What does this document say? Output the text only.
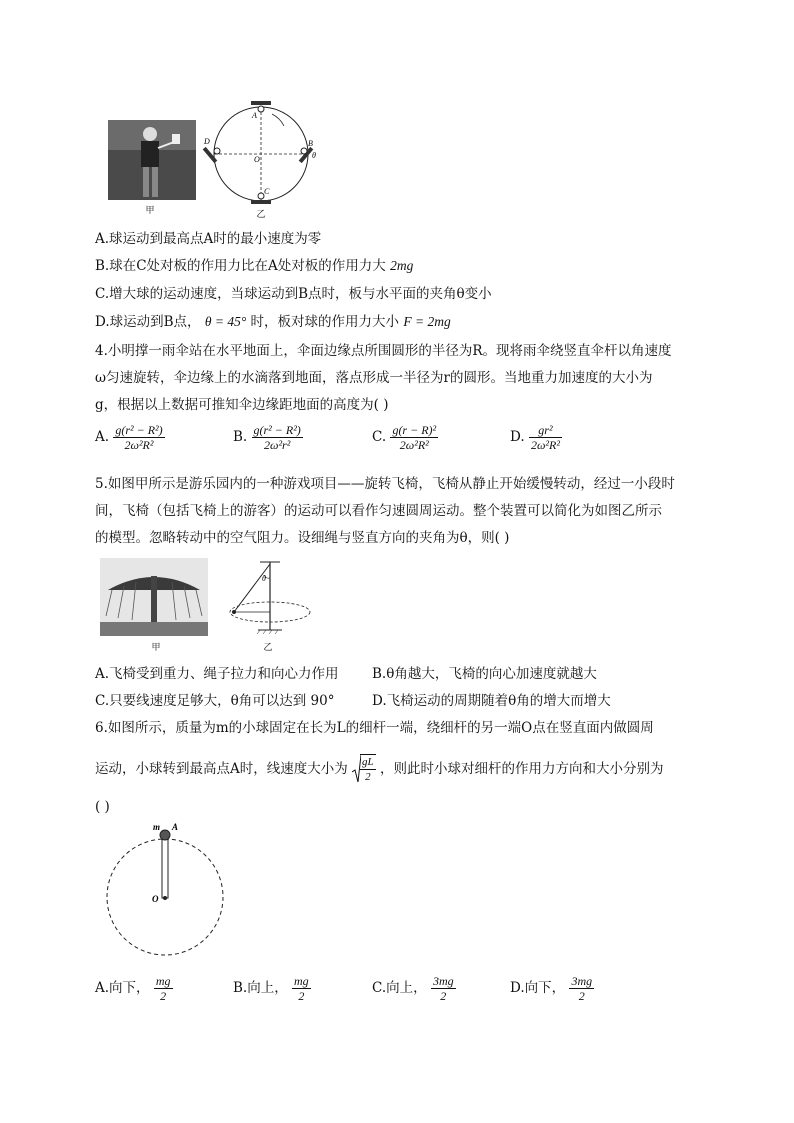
甲
A
B
C
D
O	θ
乙
A.球运动到最高点A时的最小速度为零
B.球在C处对板的作用力比在A处对板的作用力大 2mg
C.增大球的运动速度，当球运动到B点时，板与水平面的夹角θ变小
D.球运动到B点， θ = 45° 时，板对球的作用力大小 F = 2mg
4.小明撑一雨伞站在水平地面上，伞面边缘点所围圆形的半径为R。现将雨伞绕竖直伞杆以角速度
ω匀速旋转，伞边缘上的水滴落到地面，落点形成一半径为r的圆形。当地重力加速度的大小为
g，根据以上数据可推知伞边缘距地面的高度为( )
A. $\frac{\text{g(r² − R²)}}{\text{2ω²R²}}$	B. $\frac{\text{g(r² − R²)}}{\text{2ω²r²}}$	C. $\frac{\text{g(r − R)²}}{\text{2ω²R²}}$	D. $\frac{\text{gr²}}{\text{2ω²R²}}$
5.如图甲所示是游乐园内的一种游戏项目——旋转飞椅，飞椅从静止开始缓慢转动，经过一小段时
间，飞椅（包括飞椅上的游客）的运动可以看作匀速圆周运动。整个装置可以简化为如图乙所示
的模型。忽略转动中的空气阻力。设细绳与竖直方向的夹角为θ，则( )
甲
θ
乙
A.飞椅受到重力、绳子拉力和向心力作用 B.θ角越大，飞椅的向心加速度就越大
C.只要线速度足够大，θ角可以达到 90°	D.飞椅运动的周期随着θ角的增大而增大
6.如图所示，质量为m的小球固定在长为L的细杆一端，绕细杆的另一端O点在竖直面内做圆周
运动，小球转到最高点A时，线速度大小为 $\frac{gL}{2}$ ，则此时小球对细杆的作用力方向和大小分别为
( )
m A
O
A.向下， $\frac{mg}{2}$	B.向上， $\frac{mg}{2}$	C.向上， $\frac{3mg}{2}$	D.向下， $\frac{3mg}{2}$
